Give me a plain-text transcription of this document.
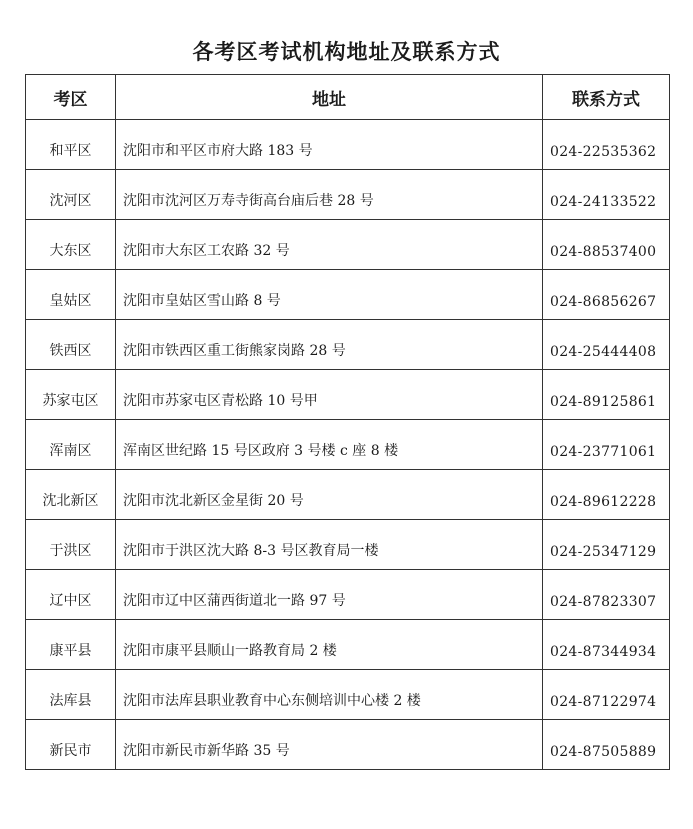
各考区考试机构地址及联系方式
考区	地址	联系方式
和平区	沈阳市和平区市府大路 183 号	024-22535362
沈河区	沈阳市沈河区万寿寺街高台庙后巷 28 号	024-24133522
大东区	沈阳市大东区工农路 32 号	024-88537400
皇姑区	沈阳市皇姑区雪山路 8 号	024-86856267
铁西区	沈阳市铁西区重工街熊家岗路 28 号	024-25444408
苏家屯区	沈阳市苏家屯区青松路 10 号甲	024-89125861
浑南区	浑南区世纪路 15 号区政府 3 号楼 c 座 8 楼	024-23771061
沈北新区	沈阳市沈北新区金星街 20 号	024-89612228
于洪区	沈阳市于洪区沈大路 8-3 号区教育局一楼	024-25347129
辽中区	沈阳市辽中区蒲西街道北一路 97 号	024-87823307
康平县	沈阳市康平县顺山一路教育局 2 楼	024-87344934
法库县	沈阳市法库县职业教育中心东侧培训中心楼 2 楼	024-87122974
新民市	沈阳市新民市新华路 35 号	024-87505889
